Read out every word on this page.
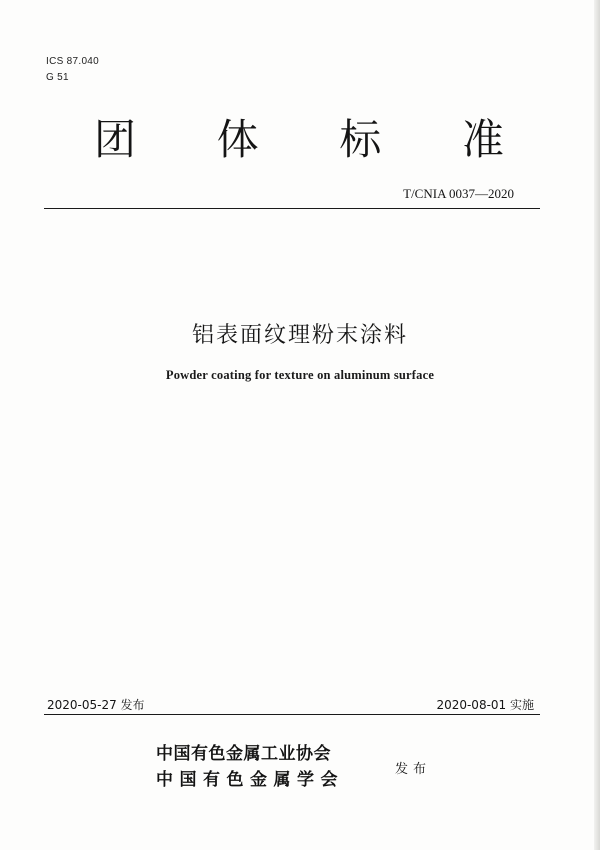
ICS 87.040
G 51
团 体 标 准
T/CNIA 0037—2020
铝表面纹理粉末涂料
Powder coating for texture on aluminum surface
2020-05-27 发布	2020-08-01 实施
中国有色金属工业协会
中国有色金属学会
发布
